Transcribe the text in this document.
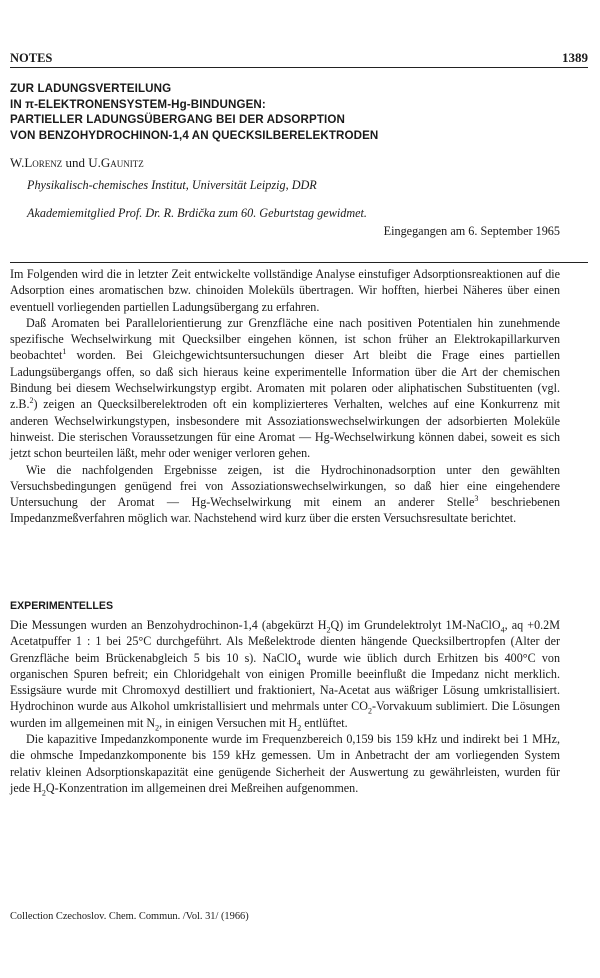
NOTES	1389
ZUR LADUNGSVERTEILUNG
IN π-ELEKTRONENSYSTEM-Hg-BINDUNGEN:
PARTIELLER LADUNGSÜBERGANG BEI DER ADSORPTION
VON BENZOHYDROCHINON-1,4 AN QUECKSILBERELEKTRODEN
W.Lorenz und U.Gaunitz
Physikalisch-chemisches Institut, Universität Leipzig, DDR
Akademiemitglied Prof. Dr. R. Brdička zum 60. Geburtstag gewidmet.
Eingegangen am 6. September 1965

Im Folgenden wird die in letzter Zeit entwickelte vollständige Analyse einstufiger Adsorptionsreaktionen auf die Adsorption eines aromatischen bzw. chinoiden Moleküls übertragen. Wir hofften, hierbei Näheres über einen eventuell vorliegenden partiellen Ladungsübergang zu erfahren.

Daß Aromaten bei Parallelorientierung zur Grenzfläche eine nach positiven Potentialen hin zunehmende spezifische Wechselwirkung mit Quecksilber eingehen können, ist schon früher an Elektrokapillarkurven beobachtet$^1$ worden. Bei Gleichgewichtsuntersuchungen dieser Art bleibt die Frage eines partiellen Ladungsübergangs offen, so daß sich hieraus keine experimentelle Information über die Art der chemischen Bindung bei diesem Wechselwirkungstyp ergibt. Aromaten mit polaren oder aliphatischen Substituenten (vgl. z.B.$^2$) zeigen an Quecksilberelektroden oft ein komplizierteres Verhalten, welches auf eine Konkurrenz mit anderen Wechselwirkungstypen, insbesondere mit Assoziationswechselwirkungen der adsorbierten Moleküle hinweist. Die sterischen Voraussetzungen für eine Aromat — Hg-Wechselwirkung können dabei, soweit es sich jetzt schon beurteilen läßt, mehr oder weniger verloren gehen.

Wie die nachfolgenden Ergebnisse zeigen, ist die Hydrochinonadsorption unter den gewählten Versuchsbedingungen genügend frei von Assoziationswechselwirkungen, so daß hier eine eingehendere Untersuchung der Aromat — Hg-Wechselwirkung mit einem an anderer Stelle$^3$ beschriebenen Impedanzmeßverfahren möglich war. Nachstehend wird kurz über die ersten Versuchsresultate berichtet.

EXPERIMENTELLES

Die Messungen wurden an Benzohydrochinon-1,4 (abgekürzt $H_2Q$) im Grundelektrolyt 1M-NaClO$_4$, aq +0.2M Acetatpuffer 1 : 1 bei 25°C durchgeführt. Als Meßelektrode dienten hängende Quecksilbertropfen (Alter der Grenzfläche beim Brückenabgleich 5 bis 10 s). NaClO$_4$ wurde wie üblich durch Erhitzen bis 400°C von organischen Spuren befreit; ein Chloridgehalt von einigen Promille beeinflußt die Impedanz nicht merklich. Essigsäure wurde mit Chromoxyd destilliert und fraktioniert, Na-Acetat aus wäßriger Lösung umkristallisiert. Hydrochinon wurde aus Alkohol umkristallisiert und mehrmals unter $CO_2$-Vorvakuum sublimiert. Die Lösungen wurden im allgemeinen mit $N_2$, in einigen Versuchen mit $H_2$ entlüftet.

Die kapazitive Impedanzkomponente wurde im Frequenzbereich 0,159 bis 159 kHz und indirekt bei 1 MHz, die ohmsche Impedanzkomponente bis 159 kHz gemessen. Um in Anbetracht der am vorliegenden System relativ kleinen Adsorptionskapazität eine genügende Sicherheit der Auswertung zu gewährleisten, wurden für jede $H_2Q$-Konzentration im allgemeinen drei Meßreihen aufgenommen.

Collection Czechoslov. Chem. Commun. /Vol. 31/ (1966)
